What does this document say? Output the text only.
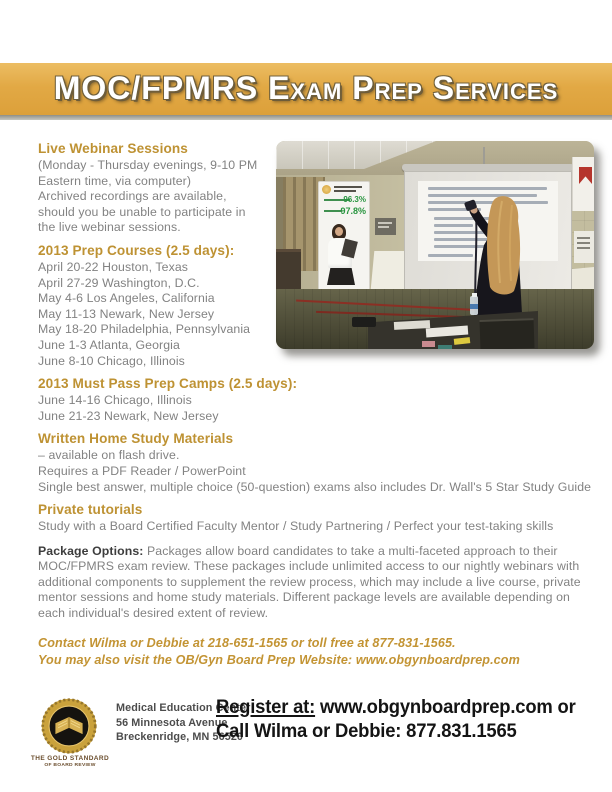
MOC/FPMRS Exam Prep Services
96.3%
97.8%
Live Webinar Sessions

(Monday - Thursday evenings, 9-10 PM Eastern time, via computer)

Archived recordings are available, should you be unable to participate in the live webinar sessions.

2013 Prep Courses (2.5 days):
April 20-22 Houston, Texas
April 27-29 Washington, D.C.
May 4-6 Los Angeles, California
May 11-13 Newark, New Jersey
May 18-20 Philadelphia, Pennsylvania
June 1-3 Atlanta, Georgia
June 8-10 Chicago, Illinois
2013 Must Pass Prep Camps (2.5 days):
June 14-16 Chicago, Illinois
June 21-23 Newark, New Jersey
Written Home Study Materials
– available on flash drive.
Requires a PDF Reader / PowerPoint
Single best answer, multiple choice (50-question) exams also includes Dr. Wall's 5 Star Study Guide
Private tutorials

Study with a Board Certified Faculty Mentor / Study Partnering / Perfect your test-taking skills

Package Options: Packages allow board candidates to take a multi-faceted approach to their MOC/FPMRS exam review. These packages include unlimited access to our nightly webinars with additional components to supplement the review process, which may include a live course, private mentor sessions and home study materials. Different package levels are available depending on each individual's desired extent of review.

Contact Wilma or Debbie at 218-651-1565 or toll free at 877-831-1565.
You may also visit the OB/Gyn Board Prep Website: www.obgynboardprep.com
THE GOLD STANDARD
OF BOARD REVIEW
Medical Education Center
56 Minnesota Avenue
Breckenridge, MN 56520
Register at: www.obgynboardprep.com or
Call Wilma or Debbie: 877.831.1565
